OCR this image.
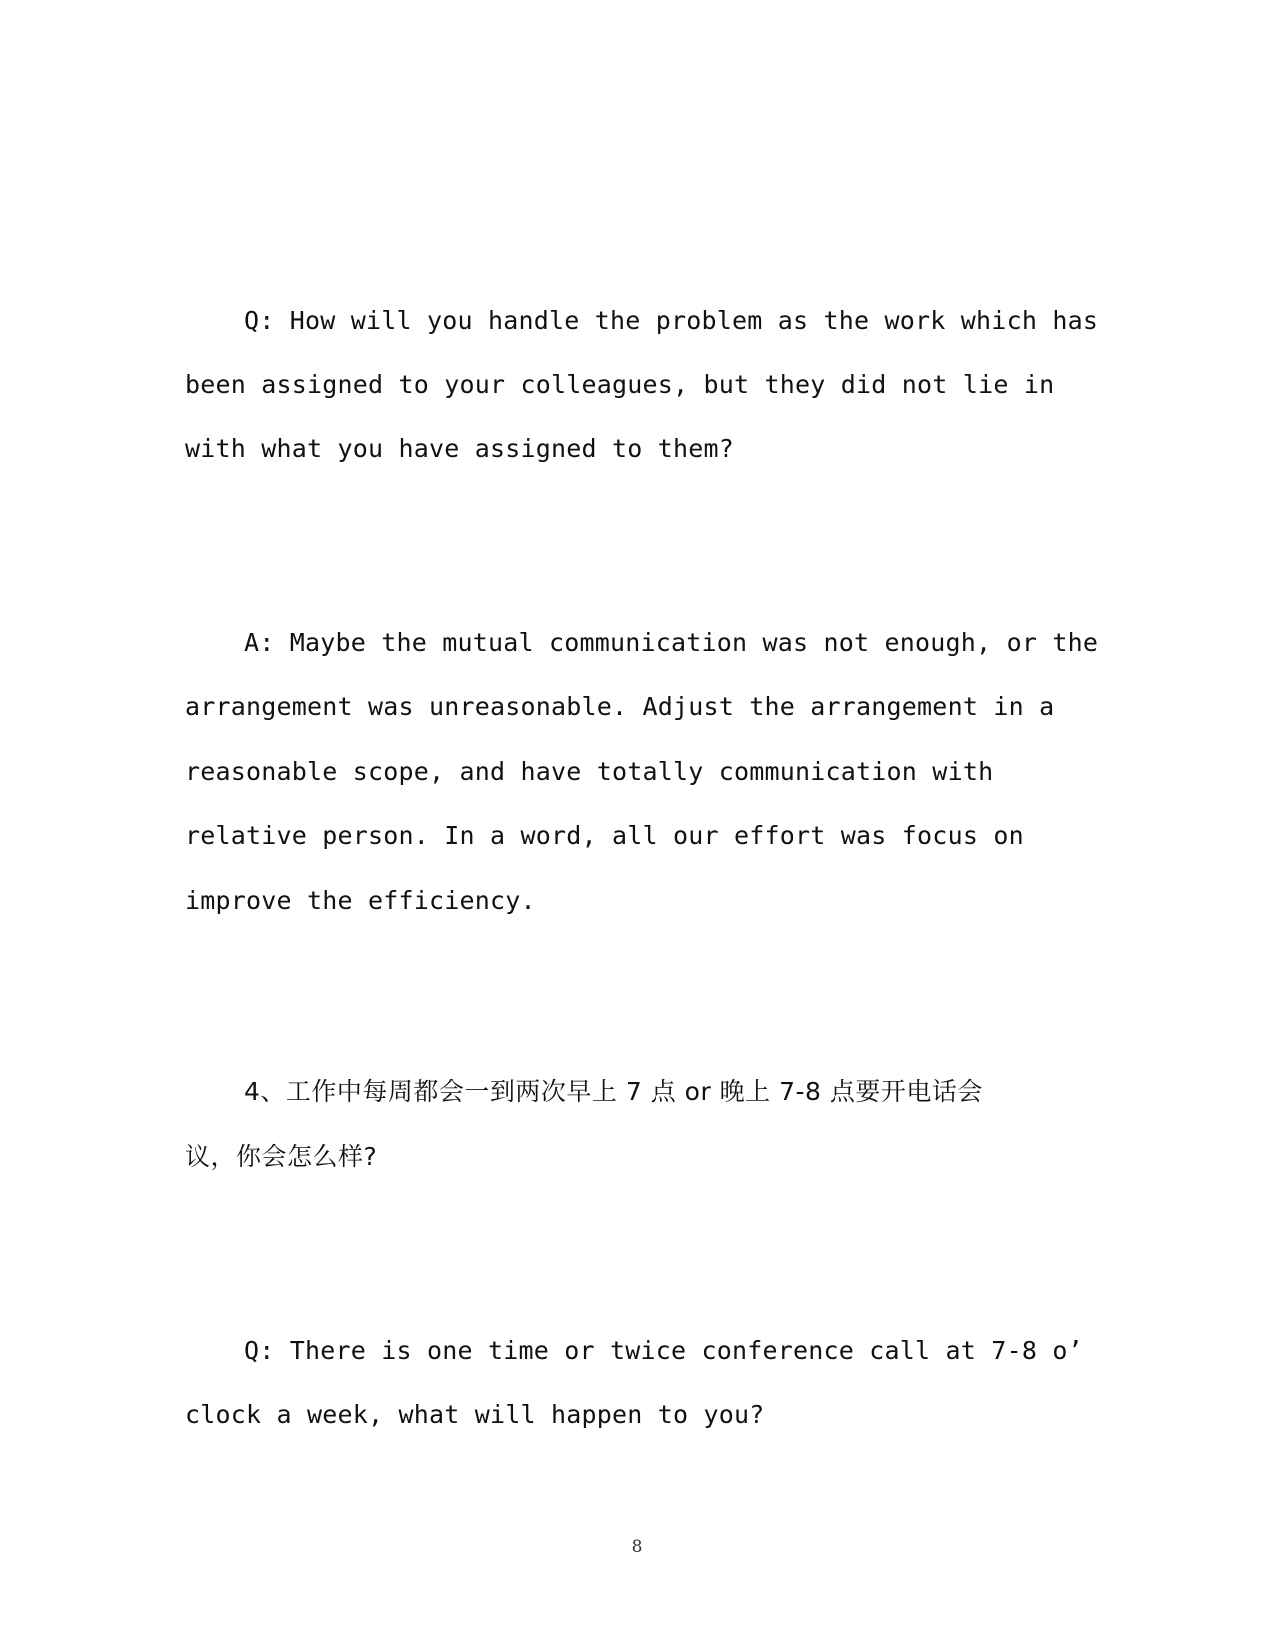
Q: How will you handle the problem as the work which has
been assigned to your colleagues, but they did not lie in
with what you have assigned to them?
A: Maybe the mutual communication was not enough, or the
arrangement was unreasonable. Adjust the arrangement in a
reasonable scope, and have totally communication with
relative person. In a word, all our effort was focus on
improve the efficiency.
4、工作中每周都会一到两次早上 7 点 or 晚上 7-8 点要开电话会
议，你会怎么样?
Q: There is one time or twice conference call at 7-8 o’
clock a week, what will happen to you?
8
